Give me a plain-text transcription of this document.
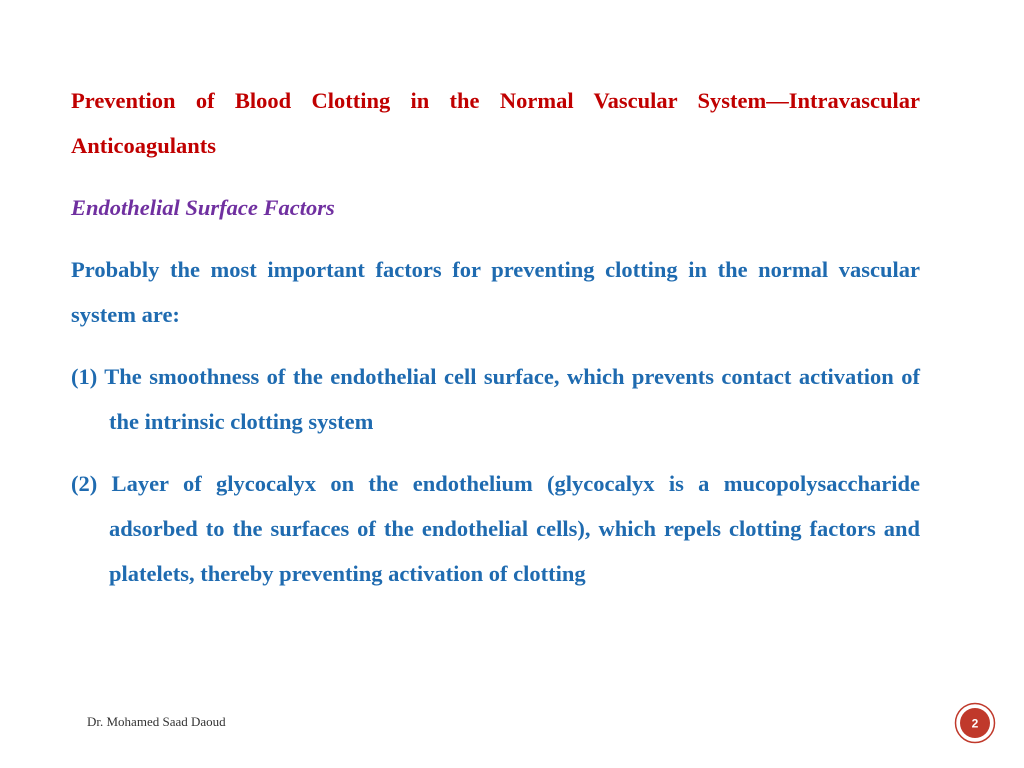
Prevention of Blood Clotting in the Normal Vascular System—Intravascular Anticoagulants

Endothelial Surface Factors

Probably the most important factors for preventing clotting in the normal vascular system are:

(1) The smoothness of the endothelial cell surface, which prevents contact activation of the intrinsic clotting system

(2) Layer of glycocalyx on the endothelium (glycocalyx is a mucopolysaccharide adsorbed to the surfaces of the endothelial cells), which repels clotting factors and platelets, thereby preventing activation of clotting

Dr. Mohamed Saad Daoud	2
